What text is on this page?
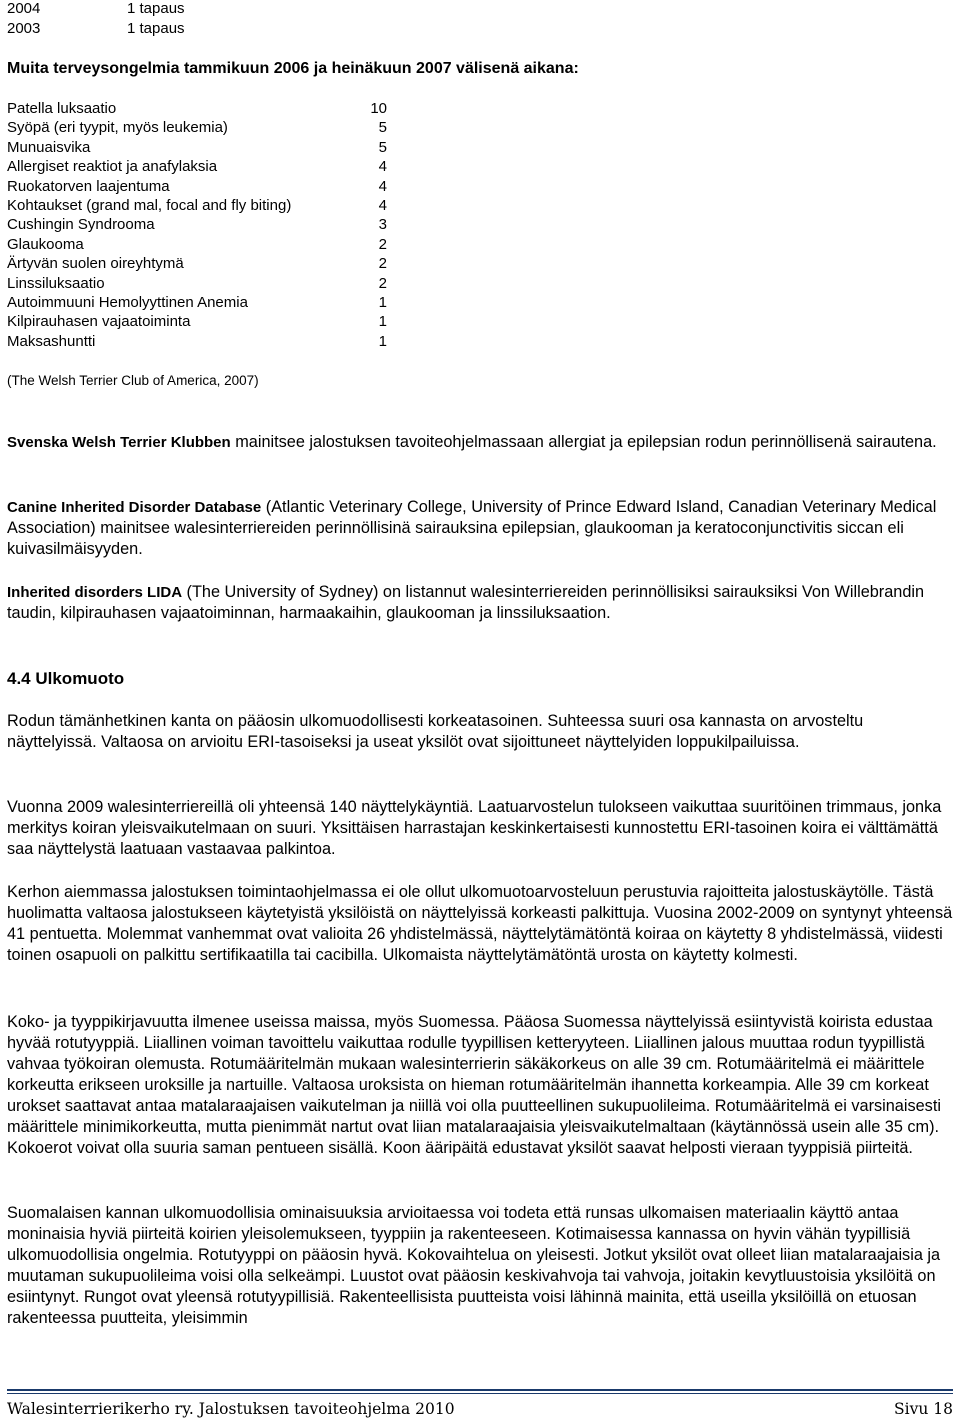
2004	1 tapaus
2003	1 tapaus
Muita terveysongelmia tammikuun 2006 ja heinäkuun 2007 välisenä aikana:
Patella luksaatio	10
Syöpä (eri tyypit, myös leukemia)	5
Munuaisvika	5
Allergiset reaktiot ja anafylaksia	4
Ruokatorven laajentuma	4
Kohtaukset (grand mal, focal and fly biting)	4
Cushingin Syndrooma	3
Glaukooma	2
Ärtyvän suolen oireyhtymä	2
Linssiluksaatio	2
Autoimmuuni Hemolyyttinen Anemia	1
Kilpirauhasen vajaatoiminta	1
Maksashuntti	1
(The Welsh Terrier Club of America, 2007)
Svenska Welsh Terrier Klubben mainitsee jalostuksen tavoiteohjelmassaan allergiat ja epilepsian rodun perinnöllisenä sairautena.
Canine Inherited Disorder Database (Atlantic Veterinary College, University of Prince Edward Island, Canadian Veterinary Medical Association) mainitsee walesinterriereiden perinnöllisinä sairauksina epilepsian, glaukooman ja keratoconjunctivitis siccan eli kuivasilmäisyyden.
Inherited disorders LIDA (The University of Sydney) on listannut walesinterriereiden perinnöllisiksi sairauksiksi Von Willebrandin taudin, kilpirauhasen vajaatoiminnan, harmaakaihin, glaukooman ja linssiluksaation.
4.4 Ulkomuoto
Rodun tämänhetkinen kanta on pääosin ulkomuodollisesti korkeatasoinen. Suhteessa suuri osa kannasta on arvosteltu näyttelyissä. Valtaosa on arvioitu ERI-tasoiseksi ja useat yksilöt ovat sijoittuneet näyttelyiden loppukilpailuissa.
Vuonna 2009 walesinterriereillä oli yhteensä 140 näyttelykäyntiä. Laatuarvostelun tulokseen vaikuttaa suuritöinen trimmaus, jonka merkitys koiran yleisvaikutelmaan on suuri. Yksittäisen harrastajan keskinkertaisesti kunnostettu ERI-tasoinen koira ei välttämättä saa näyttelystä laatuaan vastaavaa palkintoa.
Kerhon aiemmassa jalostuksen toimintaohjelmassa ei ole ollut ulkomuotoarvosteluun perustuvia rajoitteita jalostuskäytölle. Tästä huolimatta valtaosa jalostukseen käytetyistä yksilöistä on näyttelyissä korkeasti palkittuja. Vuosina 2002-2009 on syntynyt yhteensä 41 pentuetta. Molemmat vanhemmat ovat valioita 26 yhdistelmässä, näyttelytämätöntä koiraa on käytetty 8 yhdistelmässä, viidesti toinen osapuoli on palkittu sertifikaatilla tai cacibilla. Ulkomaista näyttelytämätöntä urosta on käytetty kolmesti.
Koko- ja tyyppikirjavuutta ilmenee useissa maissa, myös Suomessa. Pääosa Suomessa näyttelyissä esiintyvistä koirista edustaa hyvää rotutyyppiä. Liiallinen voiman tavoittelu vaikuttaa rodulle tyypillisen ketteryyteen. Liiallinen jalous muuttaa rodun tyypillistä vahvaa työkoiran olemusta. Rotumääritelmän mukaan walesinterrierin säkäkorkeus on alle 39 cm. Rotumääritelmä ei määrittele korkeutta erikseen uroksille ja nartuille. Valtaosa uroksista on hieman rotumääritelmän ihannetta korkeampia. Alle 39 cm korkeat urokset saattavat antaa matalaraajaisen vaikutelman ja niillä voi olla puutteellinen sukupuolileima. Rotumääritelmä ei varsinaisesti määrittele minimikorkeutta, mutta pienimmät nartut ovat liian matalaraajaisia yleisvaikutelmaltaan (käytännössä usein alle 35 cm). Kokoerot voivat olla suuria saman pentueen sisällä. Koon ääripäitä edustavat yksilöt saavat helposti vieraan tyyppisiä piirteitä.
Suomalaisen kannan ulkomuodollisia ominaisuuksia arvioitaessa voi todeta että runsas ulkomaisen materiaalin käyttö antaa moninaisia hyviä piirteitä koirien yleisolemukseen, tyyppiin ja rakenteeseen. Kotimaisessa kannassa on hyvin vähän tyypillisiä ulkomuodollisia ongelmia. Rotutyyppi on pääosin hyvä. Kokovaihtelua on yleisesti. Jotkut yksilöt ovat olleet liian matalaraajaisia ja muutaman sukupuolileima voisi olla selkeämpi. Luustot ovat pääosin keskivahvoja tai vahvoja, joitakin kevytluustoisia yksilöitä on esiintynyt. Rungot ovat yleensä rotutyypillisiä. Rakenteellisista puutteista voisi lähinnä mainita, että useilla yksilöillä on etuosan rakenteessa puutteita, yleisimmin
Walesinterrierikerho ry. Jalostuksen tavoiteohjelma 2010	Sivu 18
